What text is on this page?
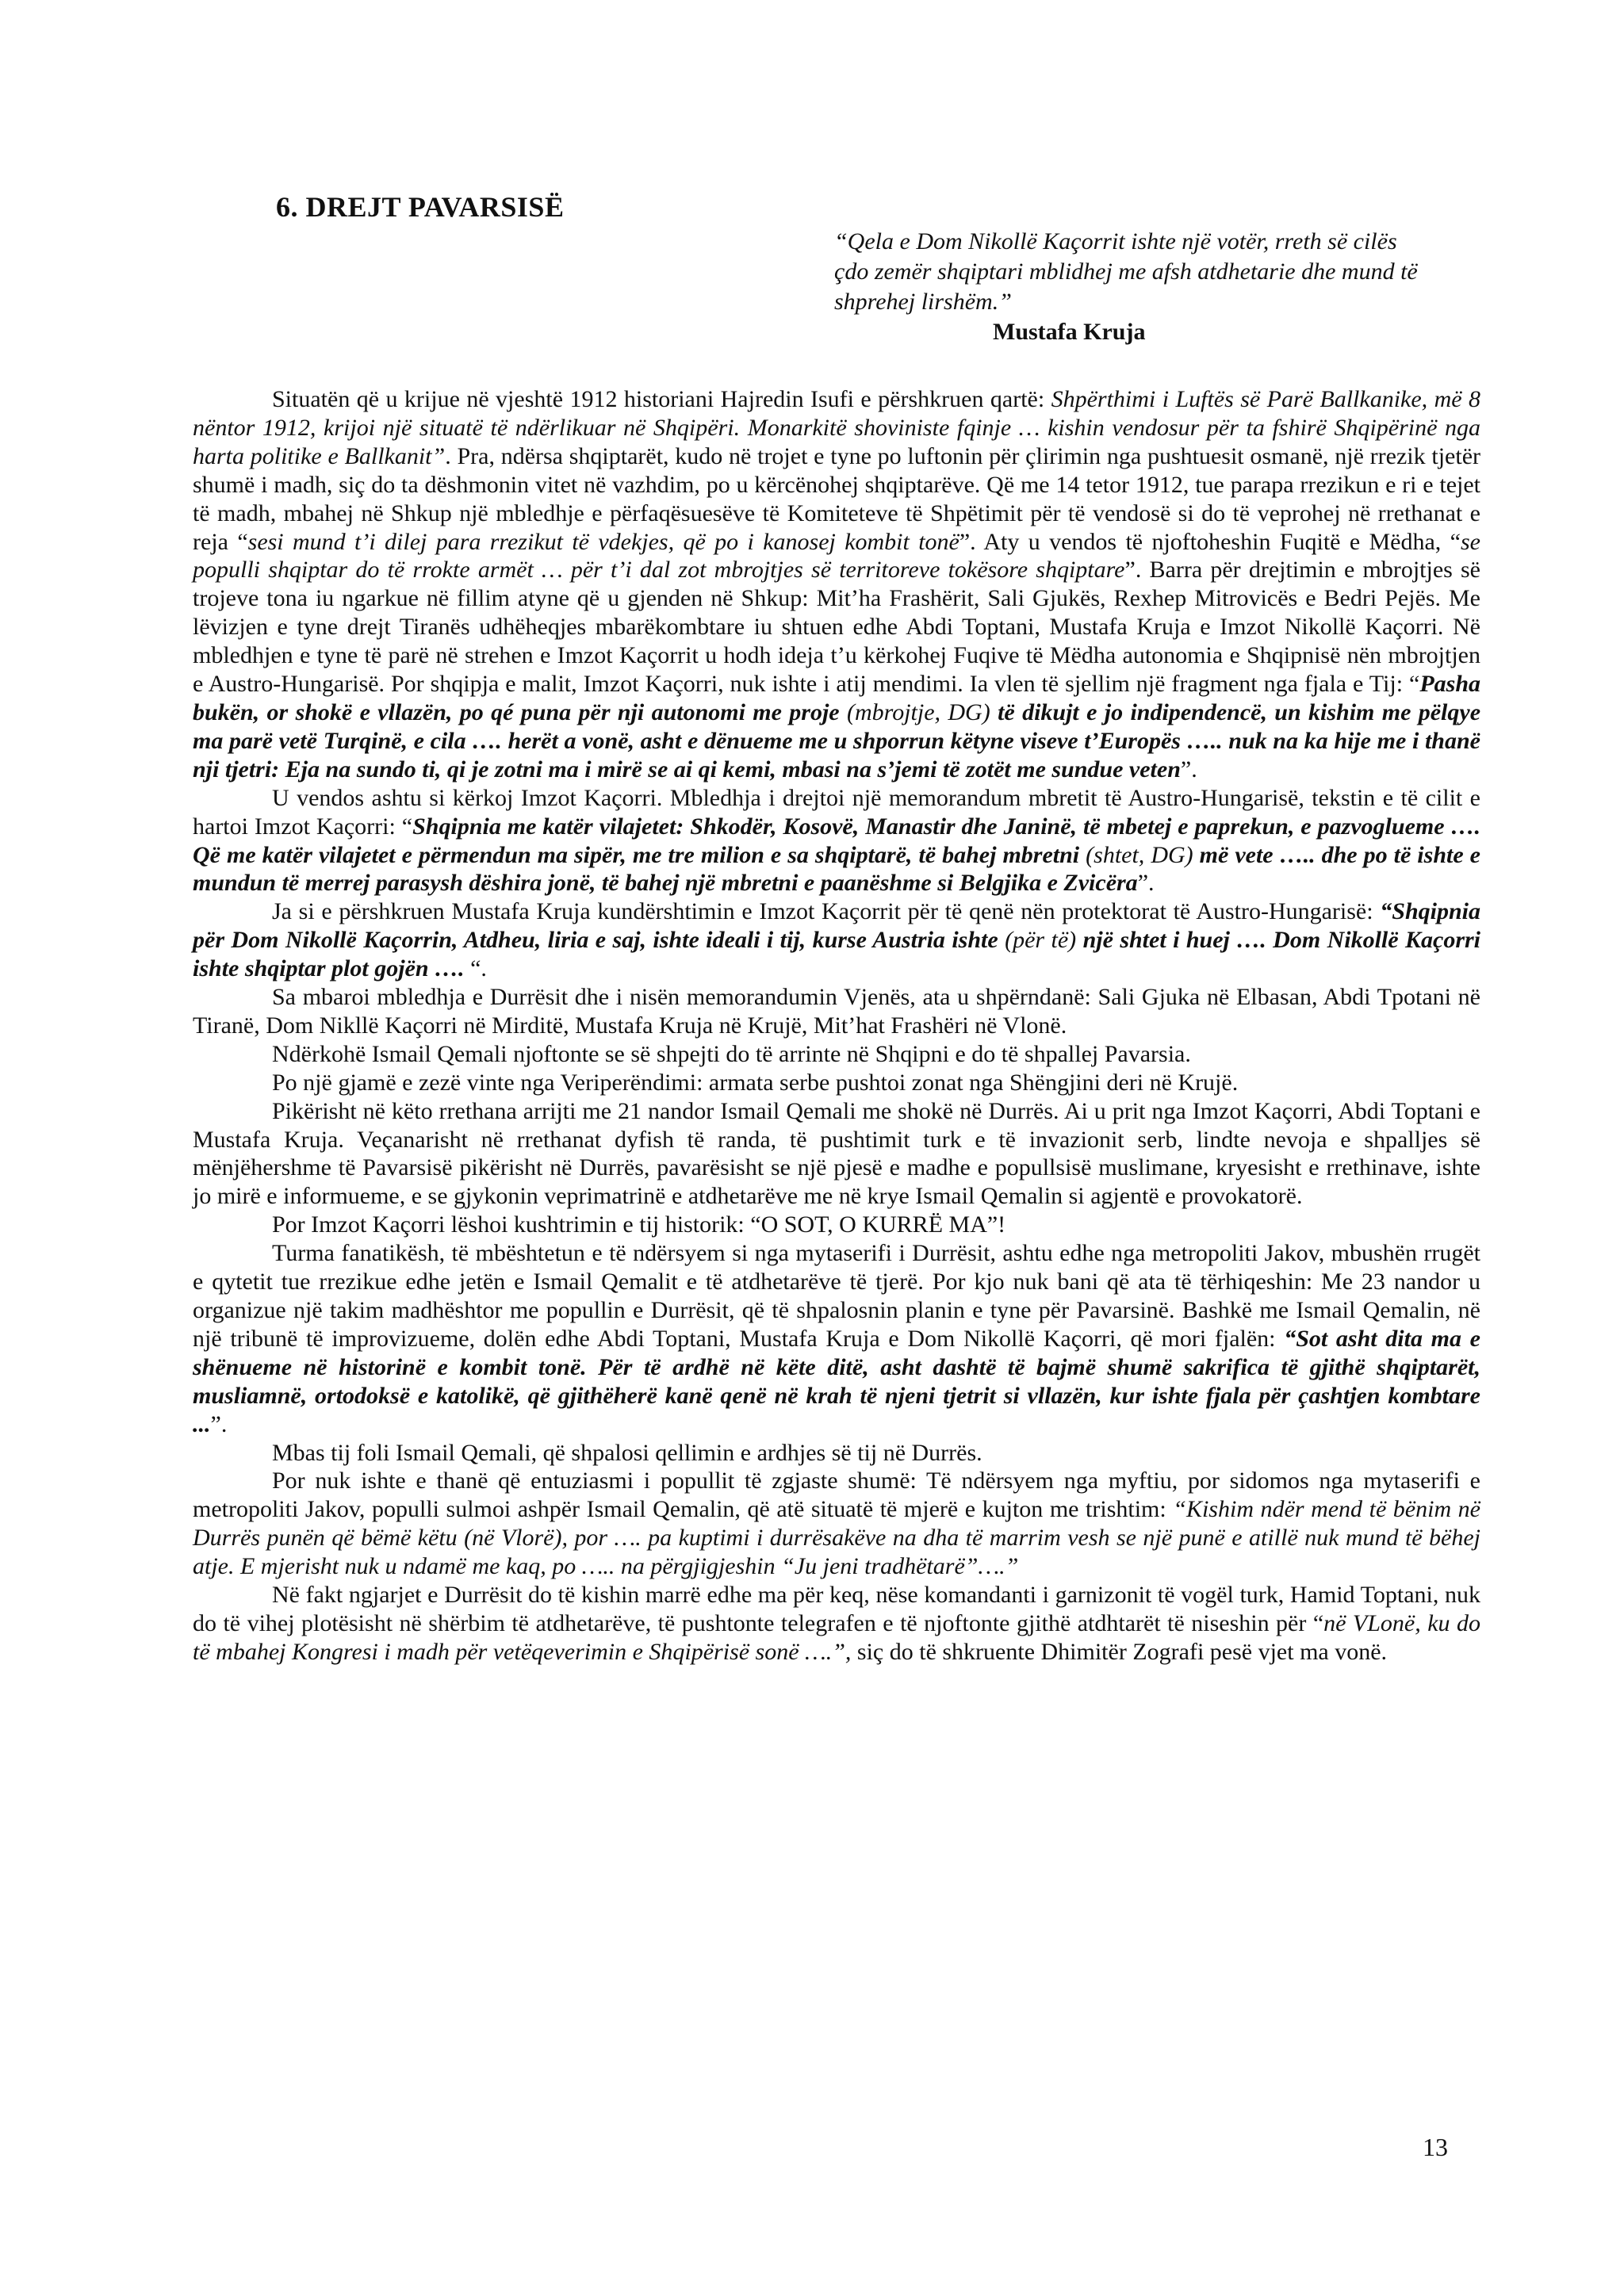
6. DREJT PAVARSISË

“Qela e Dom Nikollë Kaçorrit ishte një votër, rreth së cilës çdo zemër shqiptari mblidhej me afsh atdhetarie dhe mund të shprehej lirshëm.”

Mustafa Kruja

Situatën që u krijue në vjeshtë 1912 historiani Hajredin Isufi e përshkruen qartë: Shpërthimi i Luftës së Parë Ballkanike, më 8 nëntor 1912, krijoi një situatë të ndërlikuar në Shqipëri. Monarkitë shoviniste fqinje … kishin vendosur për ta fshirë Shqipërinë nga harta politike e Ballkanit”. Pra, ndërsa shqiptarët, kudo në trojet e tyne po luftonin për çlirimin nga pushtuesit osmanë, një rrezik tjetër shumë i madh, siç do ta dëshmonin vitet në vazhdim, po u kërcënohej shqiptarëve. Që me 14 tetor 1912, tue parapa rrezikun e ri e tejet të madh, mbahej në Shkup një mbledhje e përfaqësuesëve të Komiteteve të Shpëtimit për të vendosë si do të veprohej në rrethanat e reja “sesi mund t’i dilej para rrezikut të vdekjes, që po i kanosej kombit tonë”. Aty u vendos të njoftoheshin Fuqitë e Mëdha, “se populli shqiptar do të rrokte armët … për t’i dal zot mbrojtjes së territoreve tokësore shqiptare”. Barra për drejtimin e mbrojtjes së trojeve tona iu ngarkue në fillim atyne që u gjenden në Shkup: Mit’ha Frashërit, Sali Gjukës, Rexhep Mitrovicës e Bedri Pejës. Me lëvizjen e tyne drejt Tiranës udhëheqjes mbarëkombtare iu shtuen edhe Abdi Toptani, Mustafa Kruja e Imzot Nikollë Kaçorri. Në mbledhjen e tyne të parë në strehen e Imzot Kaçorrit u hodh ideja t’u kërkohej Fuqive të Mëdha autonomia e Shqipnisë nën mbrojtjen e Austro-Hungarisë. Por shqipja e malit, Imzot Kaçorri, nuk ishte i atij mendimi. Ia vlen të sjellim një fragment nga fjala e Tij: “Pasha bukën, or shokë e vllazën, po qé puna për nji autonomi me proje (mbrojtje, DG) të dikujt e jo indipendencë, un kishim me pëlqye ma parë vetë Turqinë, e cila …. herët a vonë, asht e dënueme me u shporrun këtyne viseve t’Europës ….. nuk na ka hije me i thanë nji tjetri: Eja na sundo ti, qi je zotni ma i mirë se ai qi kemi, mbasi na s’jemi të zotët me sundue veten”.

U vendos ashtu si kërkoj Imzot Kaçorri. Mbledhja i drejtoi një memorandum mbretit të Austro-Hungarisë, tekstin e të cilit e hartoi Imzot Kaçorri: “Shqipnia me katër vilajetet: Shkodër, Kosovë, Manastir dhe Janinë, të mbetej e paprekun, e pazvoglueme …. Që me katër vilajetet e përmendun ma sipër, me tre milion e sa shqiptarë, të bahej mbretni (shtet, DG) më vete ….. dhe po të ishte e mundun të merrej parasysh dëshira jonë, të bahej një mbretni e paanëshme si Belgjika e Zvicëra”.

Ja si e përshkruen Mustafa Kruja kundërshtimin e Imzot Kaçorrit për të qenë nën protektorat të Austro-Hungarisë: “Shqipnia për Dom Nikollë Kaçorrin, Atdheu, liria e saj, ishte ideali i tij, kurse Austria ishte (për të) një shtet i huej …. Dom Nikollë Kaçorri ishte shqiptar plot gojën …. “.

Sa mbaroi mbledhja e Durrësit dhe i nisën memorandumin Vjenës, ata u shpërndanë: Sali Gjuka në Elbasan, Abdi Tpotani në Tiranë, Dom Nikllë Kaçorri në Mirditë, Mustafa Kruja në Krujë, Mit’hat Frashëri në Vlonë.

Ndërkohë Ismail Qemali njoftonte se së shpejti do të arrinte në Shqipni e do të shpallej Pavarsia.

Po një gjamë e zezë vinte nga Veriperëndimi: armata serbe pushtoi zonat nga Shëngjini deri në Krujë.

Pikërisht në këto rrethana arrijti me 21 nandor Ismail Qemali me shokë në Durrës. Ai u prit nga Imzot Kaçorri, Abdi Toptani e Mustafa Kruja. Veçanarisht në rrethanat dyfish të randa, të pushtimit turk e të invazionit serb, lindte nevoja e shpalljes së mënjëhershme të Pavarsisë pikërisht në Durrës, pavarësisht se një pjesë e madhe e popullsisë muslimane, kryesisht e rrethinave, ishte jo mirë e informueme, e se gjykonin veprimatrinë e atdhetarëve me në krye Ismail Qemalin si agjentë e provokatorë.

Por Imzot Kaçorri lëshoi kushtrimin e tij historik: “O SOT, O KURRË MA”!

Turma fanatikësh, të mbështetun e të ndërsyem si nga mytaserifi i Durrësit, ashtu edhe nga metropoliti Jakov, mbushën rrugët e qytetit tue rrezikue edhe jetën e Ismail Qemalit e të atdhetarëve të tjerë. Por kjo nuk bani që ata të tërhiqeshin: Me 23 nandor u organizue një takim madhështor me popullin e Durrësit, që të shpalosnin planin e tyne për Pavarsinë. Bashkë me Ismail Qemalin, në një tribunë të improvizueme, dolën edhe Abdi Toptani, Mustafa Kruja e Dom Nikollë Kaçorri, që mori fjalën: “Sot asht dita ma e shënueme në historinë e kombit tonë. Për të ardhë në këte ditë, asht dashtë të bajmë shumë sakrifica të gjithë shqiptarët, musliamnë, ortodoksë e katolikë, që gjithëherë kanë qenë në krah të njeni tjetrit si vllazën, kur ishte fjala për çashtjen kombtare ...”.

Mbas tij foli Ismail Qemali, që shpalosi qellimin e ardhjes së tij në Durrës.

Por nuk ishte e thanë që entuziasmi i popullit të zgjaste shumë: Të ndërsyem nga myftiu, por sidomos nga mytaserifi e metropoliti Jakov, populli sulmoi ashpër Ismail Qemalin, që atë situatë të mjerë e kujton me trishtim: “Kishim ndër mend të bënim në Durrës punën që bëmë këtu (në Vlorë), por …. pa kuptimi i durrësakëve na dha të marrim vesh se një punë e atillë nuk mund të bëhej atje. E mjerisht nuk u ndamë me kaq, po ….. na përgjigjeshin “Ju jeni tradhëtarë”….”

Në fakt ngjarjet e Durrësit do të kishin marrë edhe ma për keq, nëse komandanti i garnizonit të vogël turk, Hamid Toptani, nuk do të vihej plotësisht në shërbim të atdhetarëve, të pushtonte telegrafen e të njoftonte gjithë atdhtarët të niseshin për “në VLonë, ku do të mbahej Kongresi i madh për vetëqeverimin e Shqipërisë sonë ….”, siç do të shkruente Dhimitër Zografi pesë vjet ma vonë.

13
